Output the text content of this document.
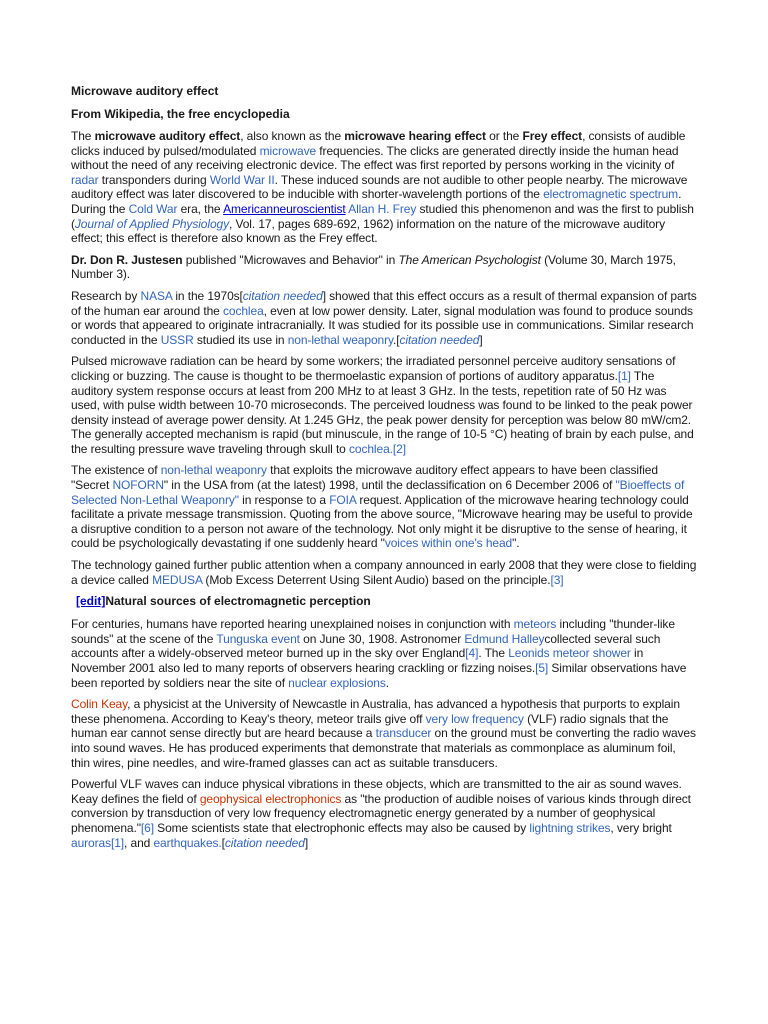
Microwave auditory effect
From Wikipedia, the free encyclopedia

The microwave auditory effect, also known as the microwave hearing effect or the Frey effect, consists of audible clicks induced by pulsed/modulated microwave frequencies. The clicks are generated directly inside the human head without the need of any receiving electronic device. The effect was first reported by persons working in the vicinity of radar transponders during World War II. These induced sounds are not audible to other people nearby. The microwave auditory effect was later discovered to be inducible with shorter-wavelength portions of the electromagnetic spectrum. During the Cold War era, the Americanneuroscientist Allan H. Frey studied this phenomenon and was the first to publish (Journal of Applied Physiology, Vol. 17, pages 689-692, 1962) information on the nature of the microwave auditory effect; this effect is therefore also known as the Frey effect.

Dr. Don R. Justesen published "Microwaves and Behavior" in The American Psychologist (Volume 30, March 1975, Number 3).

Research by NASA in the 1970s[citation needed] showed that this effect occurs as a result of thermal expansion of parts of the human ear around the cochlea, even at low power density. Later, signal modulation was found to produce sounds or words that appeared to originate intracranially. It was studied for its possible use in communications. Similar research conducted in the USSR studied its use in non-lethal weaponry.[citation needed]

Pulsed microwave radiation can be heard by some workers; the irradiated personnel perceive auditory sensations of clicking or buzzing. The cause is thought to be thermoelastic expansion of portions of auditory apparatus.[1] The auditory system response occurs at least from 200 MHz to at least 3 GHz. In the tests, repetition rate of 50 Hz was used, with pulse width between 10-70 microseconds. The perceived loudness was found to be linked to the peak power density instead of average power density. At 1.245 GHz, the peak power density for perception was below 80 mW/cm2. The generally accepted mechanism is rapid (but minuscule, in the range of 10-5 °C) heating of brain by each pulse, and the resulting pressure wave traveling through skull to cochlea.[2]

The existence of non-lethal weaponry that exploits the microwave auditory effect appears to have been classified "Secret NOFORN" in the USA from (at the latest) 1998, until the declassification on 6 December 2006 of "Bioeffects of Selected Non-Lethal Weaponry" in response to a FOIA request. Application of the microwave hearing technology could facilitate a private message transmission. Quoting from the above source, "Microwave hearing may be useful to provide a disruptive condition to a person not aware of the technology. Not only might it be disruptive to the sense of hearing, it could be psychologically devastating if one suddenly heard "voices within one's head".

The technology gained further public attention when a company announced in early 2008 that they were close to fielding a device called MEDUSA (Mob Excess Deterrent Using Silent Audio) based on the principle.[3]

[edit]Natural sources of electromagnetic perception

For centuries, humans have reported hearing unexplained noises in conjunction with meteors including "thunder-like sounds" at the scene of the Tunguska event on June 30, 1908. Astronomer Edmund Halleycollected several such accounts after a widely-observed meteor burned up in the sky over England[4]. The Leonids meteor shower in November 2001 also led to many reports of observers hearing crackling or fizzing noises.[5] Similar observations have been reported by soldiers near the site of nuclear explosions.

Colin Keay, a physicist at the University of Newcastle in Australia, has advanced a hypothesis that purports to explain these phenomena. According to Keay's theory, meteor trails give off very low frequency (VLF) radio signals that the human ear cannot sense directly but are heard because a transducer on the ground must be converting the radio waves into sound waves. He has produced experiments that demonstrate that materials as commonplace as aluminum foil, thin wires, pine needles, and wire-framed glasses can act as suitable transducers.

Powerful VLF waves can induce physical vibrations in these objects, which are transmitted to the air as sound waves. Keay defines the field of geophysical electrophonics as "the production of audible noises of various kinds through direct conversion by transduction of very low frequency electromagnetic energy generated by a number of geophysical phenomena."[6] Some scientists state that electrophonic effects may also be caused by lightning strikes, very bright auroras[1], and earthquakes.[citation needed]
